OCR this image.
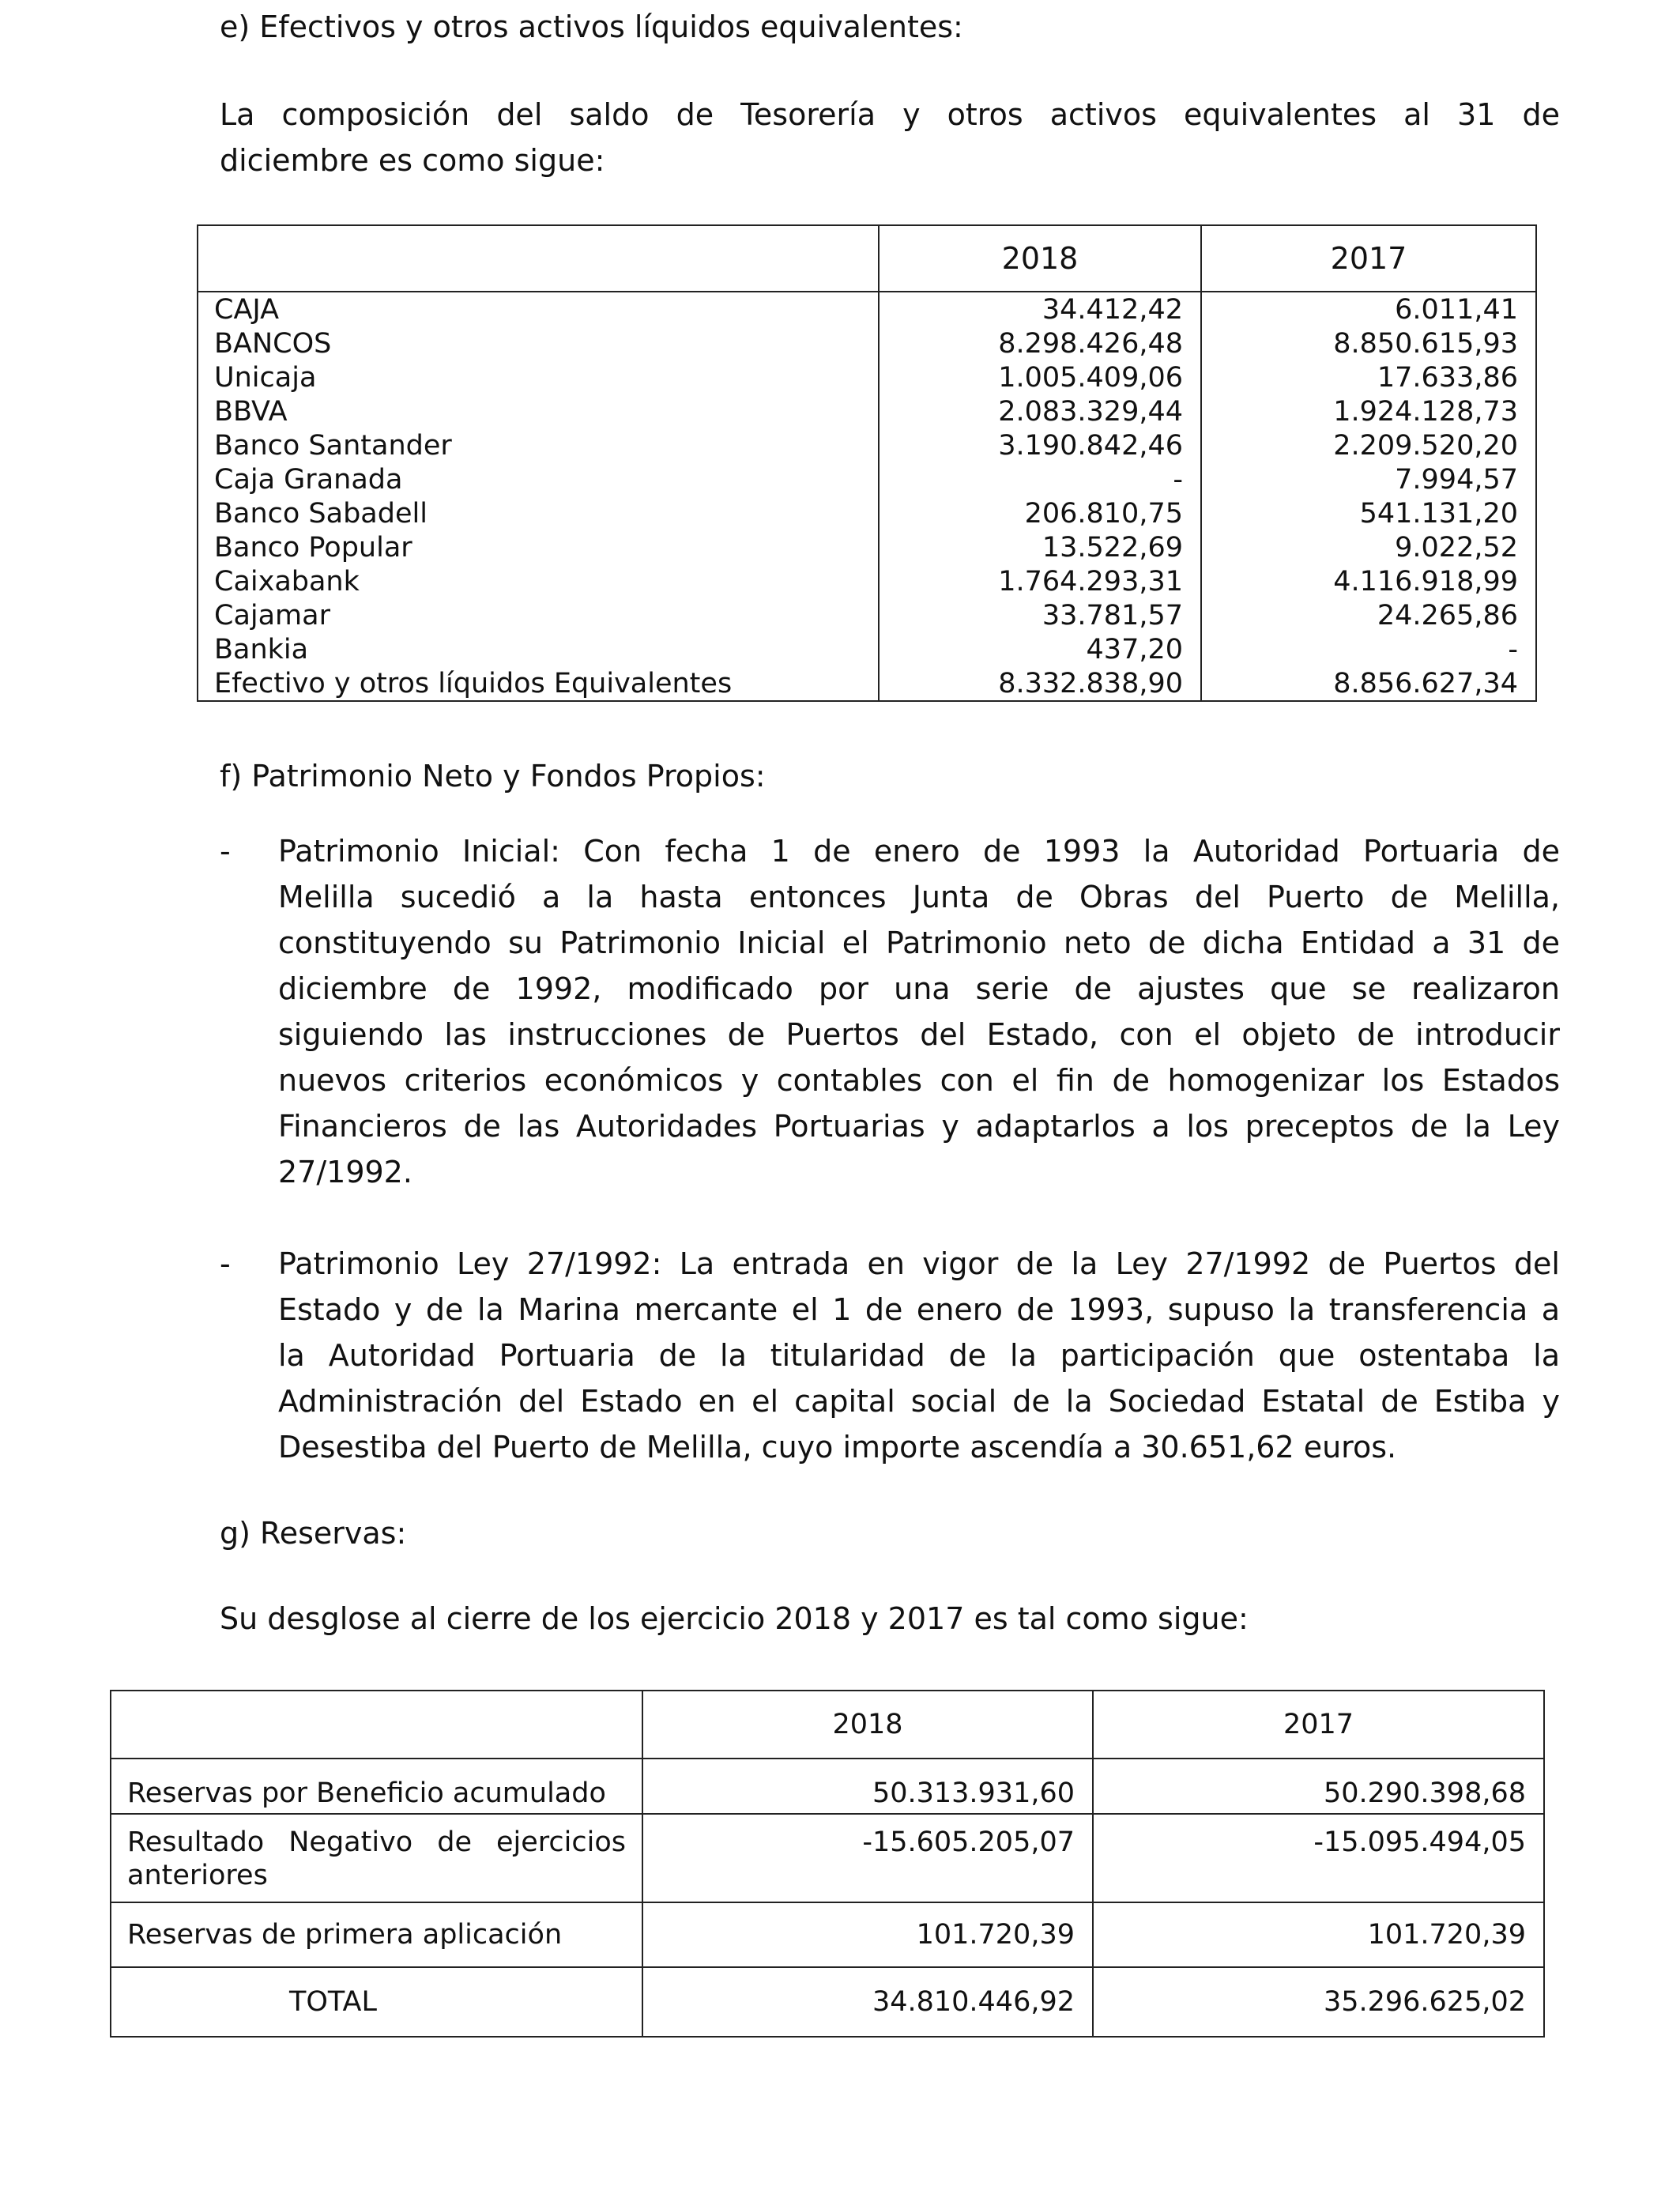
e) Efectivos y otros activos líquidos equivalentes:
La composición del saldo de Tesorería y otros activos equivalentes al 31 de
diciembre es como sigue:
	2018	2017
CAJA	34.412,42	6.011,41
BANCOS	8.298.426,48	8.850.615,93
Unicaja	1.005.409,06	17.633,86
BBVA	2.083.329,44	1.924.128,73
Banco Santander	3.190.842,46	2.209.520,20
Caja Granada	-	7.994,57
Banco Sabadell	206.810,75	541.131,20
Banco Popular	13.522,69	9.022,52
Caixabank	1.764.293,31	4.116.918,99
Cajamar	33.781,57	24.265,86
Bankia	437,20	-
Efectivo y otros líquidos Equivalentes	8.332.838,90	8.856.627,34
f) Patrimonio Neto y Fondos Propios:
- Patrimonio Inicial: Con fecha 1 de enero de 1993 la Autoridad Portuaria de
Melilla sucedió a la hasta entonces Junta de Obras del Puerto de Melilla,
constituyendo su Patrimonio Inicial el Patrimonio neto de dicha Entidad a 31 de
diciembre de 1992, modificado por una serie de ajustes que se realizaron
siguiendo las instrucciones de Puertos del Estado, con el objeto de introducir
nuevos criterios económicos y contables con el fin de homogenizar los Estados
Financieros de las Autoridades Portuarias y adaptarlos a los preceptos de la Ley
27/1992.
- Patrimonio Ley 27/1992: La entrada en vigor de la Ley 27/1992 de Puertos del
Estado y de la Marina mercante el 1 de enero de 1993, supuso la transferencia a
la Autoridad Portuaria de la titularidad de la participación que ostentaba la
Administración del Estado en el capital social de la Sociedad Estatal de Estiba y
Desestiba del Puerto de Melilla, cuyo importe ascendía a 30.651,62 euros.
g) Reservas:
Su desglose al cierre de los ejercicio 2018 y 2017 es tal como sigue:
	2018	2017
Reservas por Beneficio acumulado	50.313.931,60	50.290.398,68

Resultado Negativo de ejercicios
anteriores	-15.605.205,07	-15.095.494,05
Reservas de primera aplicación	101.720,39	101.720,39
TOTAL	34.810.446,92	35.296.625,02
